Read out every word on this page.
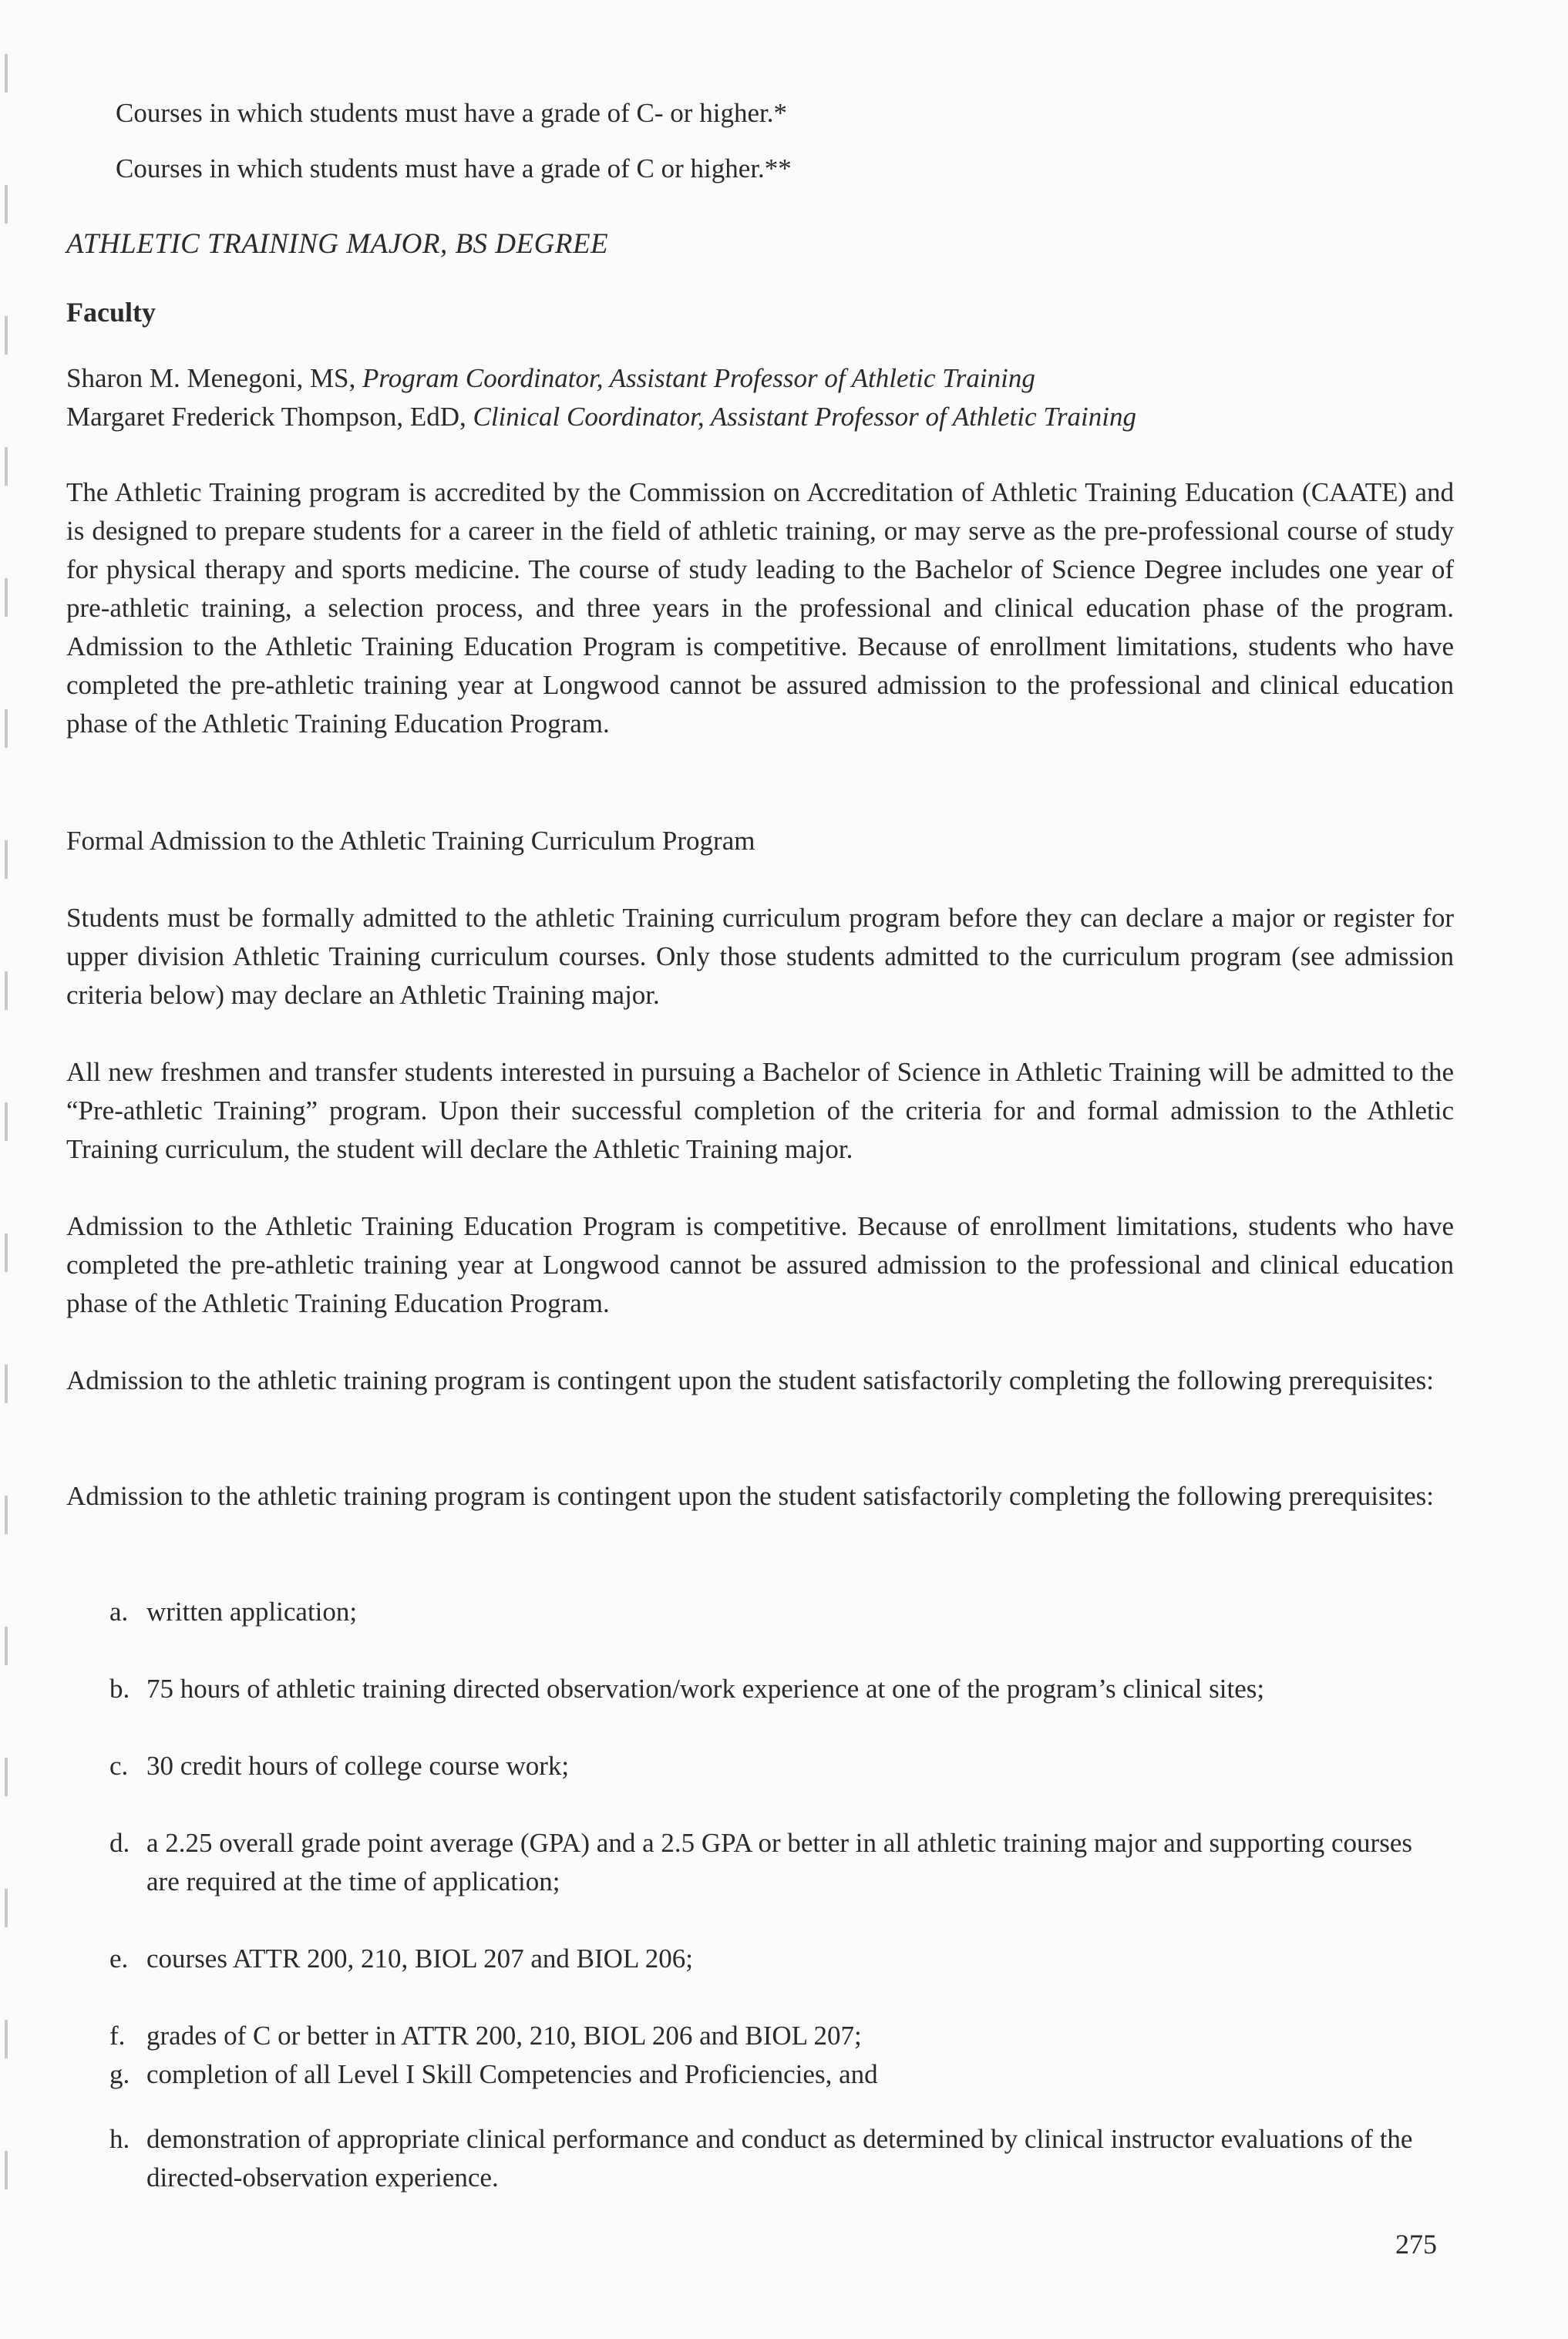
Courses in which students must have a grade of C- or higher.*
Courses in which students must have a grade of C or higher.**
ATHLETIC TRAINING MAJOR, BS DEGREE
Faculty
Sharon M. Menegoni, MS, Program Coordinator, Assistant Professor of Athletic Training
Margaret Frederick Thompson, EdD, Clinical Coordinator, Assistant Professor of Athletic Training
The Athletic Training program is accredited by the Commission on Accreditation of Athletic Training Education (CAATE) and is designed to prepare students for a career in the field of athletic training, or may serve as the pre-professional course of study for physical therapy and sports medicine. The course of study leading to the Bachelor of Science Degree includes one year of pre-athletic training, a selection process, and three years in the professional and clinical education phase of the program. Admission to the Athletic Training Education Program is competitive. Because of enrollment limitations, students who have completed the pre-athletic training year at Longwood cannot be assured admission to the professional and clinical education phase of the Athletic Training Education Program.
Formal Admission to the Athletic Training Curriculum Program
Students must be formally admitted to the athletic Training curriculum program before they can declare a major or register for upper division Athletic Training curriculum courses. Only those students admitted to the curriculum program (see admission criteria below) may declare an Athletic Training major.
All new freshmen and transfer students interested in pursuing a Bachelor of Science in Athletic Training will be admitted to the “Pre-athletic Training” program. Upon their successful completion of the criteria for and formal admission to the Athletic Training curriculum, the student will declare the Athletic Training major.
Admission to the Athletic Training Education Program is competitive. Because of enrollment limitations, students who have completed the pre-athletic training year at Longwood cannot be assured admission to the professional and clinical education phase of the Athletic Training Education Program.
Admission to the athletic training program is contingent upon the student satisfactorily completing the following prerequisites:
Admission to the athletic training program is contingent upon the student satisfactorily completing the following prerequisites:
a. written application;
b. 75 hours of athletic training directed observation/work experience at one of the program’s clinical sites;
c. 30 credit hours of college course work;
d. a 2.25 overall grade point average (GPA) and a 2.5 GPA or better in all athletic training major and supporting courses are required at the time of application;
e. courses ATTR 200, 210, BIOL 207 and BIOL 206;
f. grades of C or better in ATTR 200, 210, BIOL 206 and BIOL 207;
g. completion of all Level I Skill Competencies and Proficiencies, and
h. demonstration of appropriate clinical performance and conduct as determined by clinical instructor evaluations of the directed-observation experience.
275
